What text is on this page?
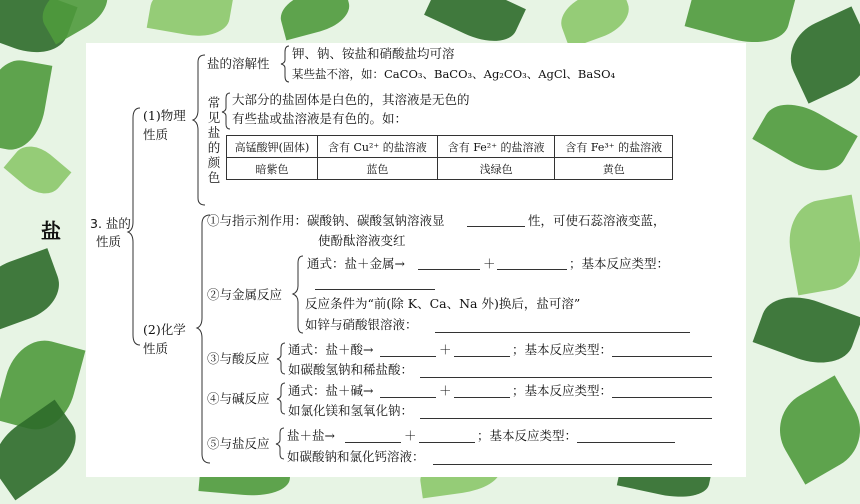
盐 3. 盐的
性质
(1)物理
性质
盐的溶解性
钾、钠、铵盐和硝酸盐均可溶
某些盐不溶，如：CaCO₃、BaCO₃、Ag₂CO₃、AgCl、BaSO₄
常见盐的颜色
大部分的盐固体是白色的，其溶液是无色的
有些盐或盐溶液是有色的。如：
高锰酸钾(固体)	含有 Cu²⁺ 的盐溶液	含有 Fe²⁺ 的盐溶液	含有 Fe³⁺ 的盐溶液
暗紫色	蓝色	浅绿色	黄色
(2)化学
性质
①与指示剂作用：碳酸钠、碳酸氢钠溶液显	性，可使石蕊溶液变蓝，
使酚酞溶液变红
②与金属反应
通式：盐＋金属→	＋	；基本反应类型：
反应条件为“前(除 K、Ca、Na 外)换后，盐可溶”
如锌与硝酸银溶液：
③与酸反应
通式：盐＋酸→	＋	；基本反应类型：
如碳酸氢钠和稀盐酸：
④与碱反应
通式：盐＋碱→	＋	；基本反应类型：
如氯化镁和氢氧化钠：
⑤与盐反应
盐＋盐→	＋	；基本反应类型：
如碳酸钠和氯化钙溶液：
